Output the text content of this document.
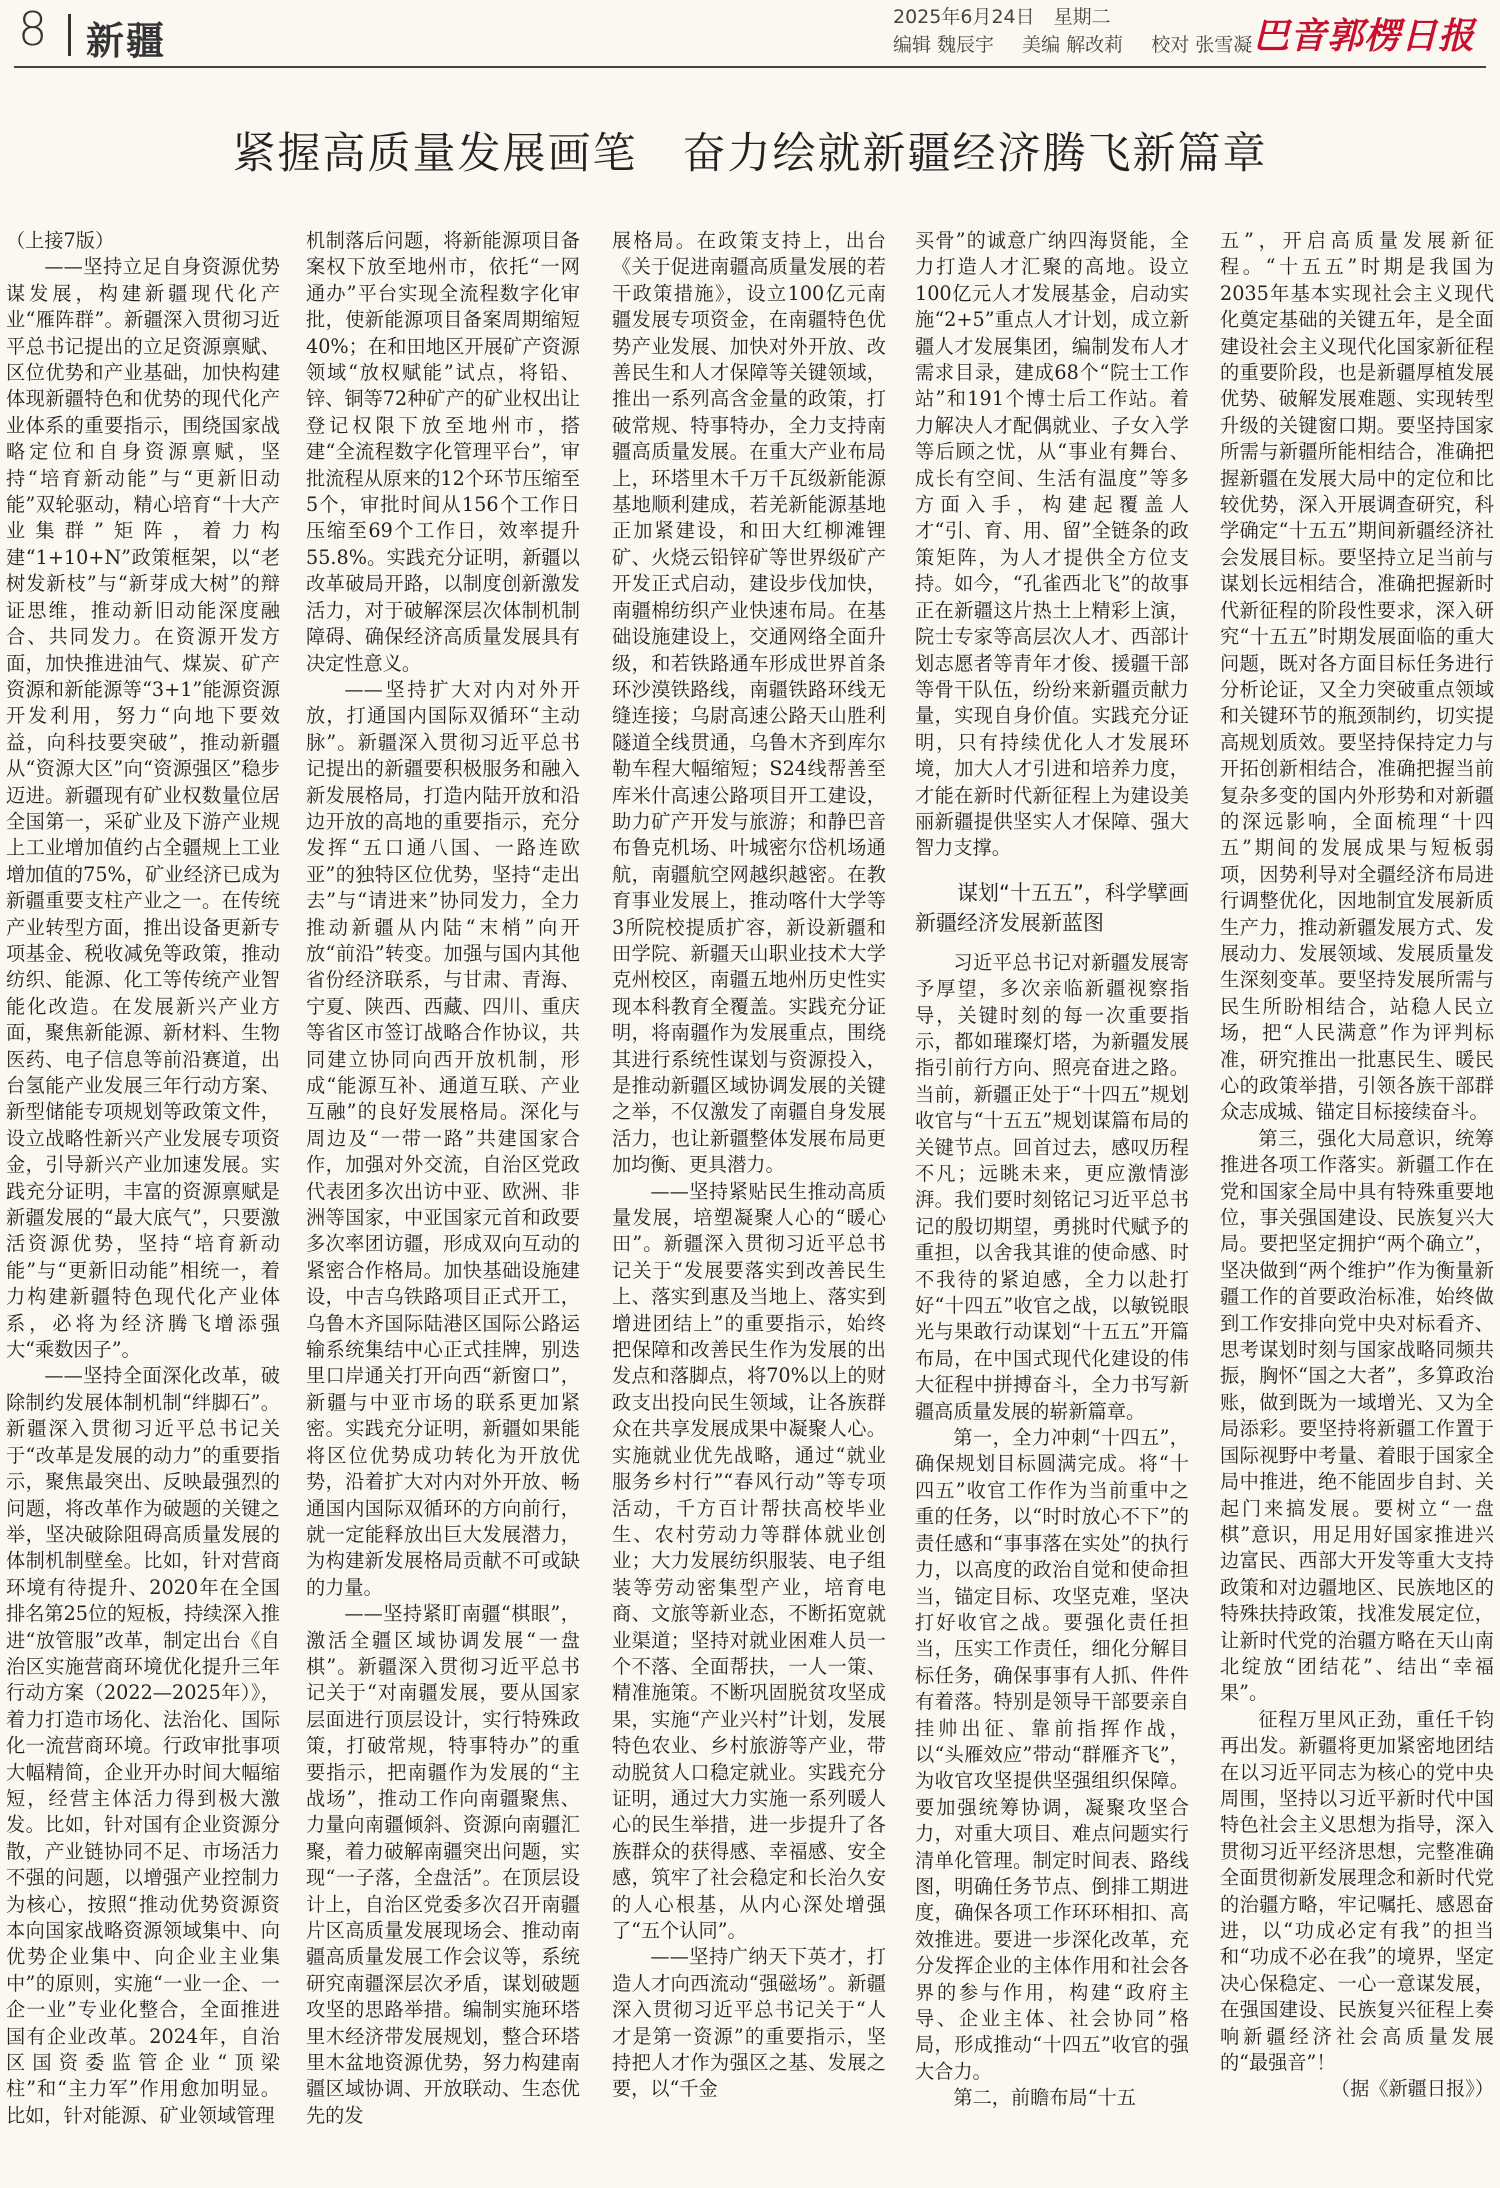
8 新疆
2025年6月24日　星期二
编辑 魏辰宇 美编 解改莉 校对 张雪凝 巴音郭楞日报
紧握高质量发展画笔　奋力绘就新疆经济腾飞新篇章

（上接7版）

——坚持立足自身资源优势谋发展，构建新疆现代化产业“雁阵群”。新疆深入贯彻习近平总书记提出的立足资源禀赋、区位优势和产业基础，加快构建体现新疆特色和优势的现代化产业体系的重要指示，围绕国家战略定位和自身资源禀赋，坚持“培育新动能”与“更新旧动能”双轮驱动，精心培育“十大产业集群”矩阵，着力构建“1+10+N”政策框架，以“老树发新枝”与“新芽成大树”的辩证思维，推动新旧动能深度融合、共同发力。在资源开发方面，加快推进油气、煤炭、矿产资源和新能源等“3+1”能源资源开发利用，努力“向地下要效益，向科技要突破”，推动新疆从“资源大区”向“资源强区”稳步迈进。新疆现有矿业权数量位居全国第一，采矿业及下游产业规上工业增加值约占全疆规上工业增加值的75%，矿业经济已成为新疆重要支柱产业之一。在传统产业转型方面，推出设备更新专项基金、税收减免等政策，推动纺织、能源、化工等传统产业智能化改造。在发展新兴产业方面，聚焦新能源、新材料、生物医药、电子信息等前沿赛道，出台氢能产业发展三年行动方案、新型储能专项规划等政策文件，设立战略性新兴产业发展专项资金，引导新兴产业加速发展。实践充分证明，丰富的资源禀赋是新疆发展的“最大底气”，只要激活资源优势，坚持“培育新动能”与“更新旧动能”相统一，着力构建新疆特色现代化产业体系，必将为经济腾飞增添强大“乘数因子”。

——坚持全面深化改革，破除制约发展体制机制“绊脚石”。新疆深入贯彻习近平总书记关于“改革是发展的动力”的重要指示，聚焦最突出、反映最强烈的问题，将改革作为破题的关键之举，坚决破除阻碍高质量发展的体制机制壁垒。比如，针对营商环境有待提升、2020年在全国排名第25位的短板，持续深入推进“放管服”改革，制定出台《自治区实施营商环境优化提升三年行动方案（2022—2025年）》，着力打造市场化、法治化、国际化一流营商环境。行政审批事项大幅精简，企业开办时间大幅缩短，经营主体活力得到极大激发。比如，针对国有企业资源分散，产业链协同不足、市场活力不强的问题，以增强产业控制力为核心，按照“推动优势资源资本向国家战略资源领域集中、向优势企业集中、向企业主业集中”的原则，实施“一业一企、一企一业”专业化整合，全面推进国有企业改革。2024年，自治区国资委监管企业“顶梁柱”和“主力军”作用愈加明显。比如，针对能源、矿业领域管理

机制落后问题，将新能源项目备案权下放至地州市，依托“一网通办”平台实现全流程数字化审批，使新能源项目备案周期缩短40%；在和田地区开展矿产资源领域“放权赋能”试点，将铅、锌、铜等72种矿产的矿业权出让登记权限下放至地州市，搭建“全流程数字化管理平台”，审批流程从原来的12个环节压缩至5个，审批时间从156个工作日压缩至69个工作日，效率提升55.8%。实践充分证明，新疆以改革破局开路，以制度创新激发活力，对于破解深层次体制机制障碍、确保经济高质量发展具有决定性意义。

——坚持扩大对内对外开放，打通国内国际双循环“主动脉”。新疆深入贯彻习近平总书记提出的新疆要积极服务和融入新发展格局，打造内陆开放和沿边开放的高地的重要指示，充分发挥“五口通八国、一路连欧亚”的独特区位优势，坚持“走出去”与“请进来”协同发力，全力推动新疆从内陆“末梢”向开放“前沿”转变。加强与国内其他省份经济联系，与甘肃、青海、宁夏、陕西、西藏、四川、重庆等省区市签订战略合作协议，共同建立协同向西开放机制，形成“能源互补、通道互联、产业互融”的良好发展格局。深化与周边及“一带一路”共建国家合作，加强对外交流，自治区党政代表团多次出访中亚、欧洲、非洲等国家，中亚国家元首和政要多次率团访疆，形成双向互动的紧密合作格局。加快基础设施建设，中吉乌铁路项目正式开工，乌鲁木齐国际陆港区国际公路运输系统集结中心正式挂牌，别迭里口岸通关打开向西“新窗口”，新疆与中亚市场的联系更加紧密。实践充分证明，新疆如果能将区位优势成功转化为开放优势，沿着扩大对内对外开放、畅通国内国际双循环的方向前行，就一定能释放出巨大发展潜力，为构建新发展格局贡献不可或缺的力量。

——坚持紧盯南疆“棋眼”，激活全疆区域协调发展“一盘棋”。新疆深入贯彻习近平总书记关于“对南疆发展，要从国家层面进行顶层设计，实行特殊政策，打破常规，特事特办”的重要指示，把南疆作为发展的“主战场”，推动工作向南疆聚焦、力量向南疆倾斜、资源向南疆汇聚，着力破解南疆突出问题，实现“一子落，全盘活”。在顶层设计上，自治区党委多次召开南疆片区高质量发展现场会、推动南疆高质量发展工作会议等，系统研究南疆深层次矛盾，谋划破题攻坚的思路举措。编制实施环塔里木经济带发展规划，整合环塔里木盆地资源优势，努力构建南疆区域协调、开放联动、生态优先的发

展格局。在政策支持上，出台《关于促进南疆高质量发展的若干政策措施》，设立100亿元南疆发展专项资金，在南疆特色优势产业发展、加快对外开放、改善民生和人才保障等关键领域，推出一系列高含金量的政策，打破常规、特事特办，全力支持南疆高质量发展。在重大产业布局上，环塔里木千万千瓦级新能源基地顺利建成，若羌新能源基地正加紧建设，和田大红柳滩锂矿、火烧云铅锌矿等世界级矿产开发正式启动，建设步伐加快，南疆棉纺织产业快速布局。在基础设施建设上，交通网络全面升级，和若铁路通车形成世界首条环沙漠铁路线，南疆铁路环线无缝连接；乌尉高速公路天山胜利隧道全线贯通，乌鲁木齐到库尔勒车程大幅缩短；S24线帮善至库米什高速公路项目开工建设，助力矿产开发与旅游；和静巴音布鲁克机场、叶城密尔岱机场通航，南疆航空网越织越密。在教育事业发展上，推动喀什大学等3所院校提质扩容，新设新疆和田学院、新疆天山职业技术大学克州校区，南疆五地州历史性实现本科教育全覆盖。实践充分证明，将南疆作为发展重点，围绕其进行系统性谋划与资源投入，是推动新疆区域协调发展的关键之举，不仅激发了南疆自身发展活力，也让新疆整体发展布局更加均衡、更具潜力。

——坚持紧贴民生推动高质量发展，培塑凝聚人心的“暖心田”。新疆深入贯彻习近平总书记关于“发展要落实到改善民生上、落实到惠及当地上、落实到增进团结上”的重要指示，始终把保障和改善民生作为发展的出发点和落脚点，将70%以上的财政支出投向民生领域，让各族群众在共享发展成果中凝聚人心。实施就业优先战略，通过“就业服务乡村行”“春风行动”等专项活动，千方百计帮扶高校毕业生、农村劳动力等群体就业创业；大力发展纺织服装、电子组装等劳动密集型产业，培育电商、文旅等新业态，不断拓宽就业渠道；坚持对就业困难人员一个不落、全面帮扶，一人一策、精准施策。不断巩固脱贫攻坚成果，实施“产业兴村”计划，发展特色农业、乡村旅游等产业，带动脱贫人口稳定就业。实践充分证明，通过大力实施一系列暖人心的民生举措，进一步提升了各族群众的获得感、幸福感、安全感，筑牢了社会稳定和长治久安的人心根基，从内心深处增强了“五个认同”。

——坚持广纳天下英才，打造人才向西流动“强磁场”。新疆深入贯彻习近平总书记关于“人才是第一资源”的重要指示，坚持把人才作为强区之基、发展之要，以“千金

买骨”的诚意广纳四海贤能，全力打造人才汇聚的高地。设立100亿元人才发展基金，启动实施“2+5”重点人才计划，成立新疆人才发展集团，编制发布人才需求目录，建成68个“院士工作站”和191个博士后工作站。着力解决人才配偶就业、子女入学等后顾之忧，从“事业有舞台、成长有空间、生活有温度”等多方面入手，构建起覆盖人才“引、育、用、留”全链条的政策矩阵，为人才提供全方位支持。如今，“孔雀西北飞”的故事正在新疆这片热土上精彩上演，院士专家等高层次人才、西部计划志愿者等青年才俊、援疆干部等骨干队伍，纷纷来新疆贡献力量，实现自身价值。实践充分证明，只有持续优化人才发展环境，加大人才引进和培养力度，才能在新时代新征程上为建设美丽新疆提供坚实人才保障、强大智力支撑。

谋划“十五五”，科学擘画新疆经济发展新蓝图

习近平总书记对新疆发展寄予厚望，多次亲临新疆视察指导，关键时刻的每一次重要指示，都如璀璨灯塔，为新疆发展指引前行方向、照亮奋进之路。当前，新疆正处于“十四五”规划收官与“十五五”规划谋篇布局的关键节点。回首过去，感叹历程不凡；远眺未来，更应激情澎湃。我们要时刻铭记习近平总书记的殷切期望，勇挑时代赋予的重担，以舍我其谁的使命感、时不我待的紧迫感，全力以赴打好“十四五”收官之战，以敏锐眼光与果敢行动谋划“十五五”开篇布局，在中国式现代化建设的伟大征程中拼搏奋斗，全力书写新疆高质量发展的崭新篇章。

第一，全力冲刺“十四五”，确保规划目标圆满完成。将“十四五”收官工作作为当前重中之重的任务，以“时时放心不下”的责任感和“事事落在实处”的执行力，以高度的政治自觉和使命担当，锚定目标、攻坚克难，坚决打好收官之战。要强化责任担当，压实工作责任，细化分解目标任务，确保事事有人抓、件件有着落。特别是领导干部要亲自挂帅出征、靠前指挥作战，以“头雁效应”带动“群雁齐飞”，为收官攻坚提供坚强组织保障。要加强统筹协调，凝聚攻坚合力，对重大项目、难点问题实行清单化管理。制定时间表、路线图，明确任务节点、倒排工期进度，确保各项工作环环相扣、高效推进。要进一步深化改革，充分发挥企业的主体作用和社会各界的参与作用，构建“政府主导、企业主体、社会协同”格局，形成推动“十四五”收官的强大合力。

第二，前瞻布局“十五

五”，开启高质量发展新征程。“十五五”时期是我国为2035年基本实现社会主义现代化奠定基础的关键五年，是全面建设社会主义现代化国家新征程的重要阶段，也是新疆厚植发展优势、破解发展难题、实现转型升级的关键窗口期。要坚持国家所需与新疆所能相结合，准确把握新疆在发展大局中的定位和比较优势，深入开展调查研究，科学确定“十五五”期间新疆经济社会发展目标。要坚持立足当前与谋划长远相结合，准确把握新时代新征程的阶段性要求，深入研究“十五五”时期发展面临的重大问题，既对各方面目标任务进行分析论证，又全力突破重点领域和关键环节的瓶颈制约，切实提高规划质效。要坚持保持定力与开拓创新相结合，准确把握当前复杂多变的国内外形势和对新疆的深远影响，全面梳理“十四五”期间的发展成果与短板弱项，因势利导对全疆经济布局进行调整优化，因地制宜发展新质生产力，推动新疆发展方式、发展动力、发展领域、发展质量发生深刻变革。要坚持发展所需与民生所盼相结合，站稳人民立场，把“人民满意”作为评判标准，研究推出一批惠民生、暖民心的政策举措，引领各族干部群众志成城、锚定目标接续奋斗。

第三，强化大局意识，统筹推进各项工作落实。新疆工作在党和国家全局中具有特殊重要地位，事关强国建设、民族复兴大局。要把坚定拥护“两个确立”，坚决做到“两个维护”作为衡量新疆工作的首要政治标准，始终做到工作安排向党中央对标看齐、思考谋划时刻与国家战略同频共振，胸怀“国之大者”，多算政治账，做到既为一域增光、又为全局添彩。要坚持将新疆工作置于国际视野中考量、着眼于国家全局中推进，绝不能固步自封、关起门来搞发展。要树立“一盘棋”意识，用足用好国家推进兴边富民、西部大开发等重大支持政策和对边疆地区、民族地区的特殊扶持政策，找准发展定位，让新时代党的治疆方略在天山南北绽放“团结花”、结出“幸福果”。

征程万里风正劲，重任千钧再出发。新疆将更加紧密地团结在以习近平同志为核心的党中央周围，坚持以习近平新时代中国特色社会主义思想为指导，深入贯彻习近平经济思想，完整准确全面贯彻新发展理念和新时代党的治疆方略，牢记嘱托、感恩奋进，以“功成必定有我”的担当和“功成不必在我”的境界，坚定决心保稳定、一心一意谋发展，在强国建设、民族复兴征程上奏响新疆经济社会高质量发展的“最强音”！

（据《新疆日报》）
